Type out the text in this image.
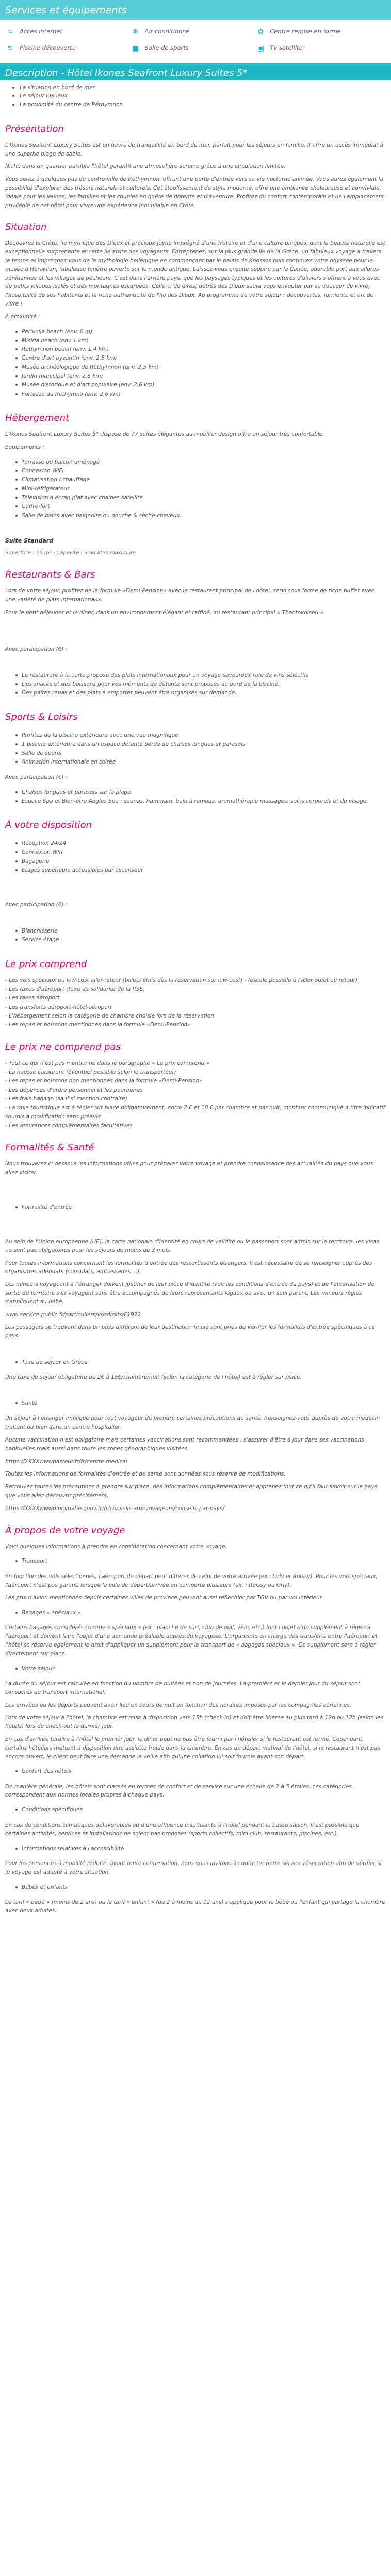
Services et équipements
≈	Accès internet	❄	Air conditionné	✿	Centre remise en forme
≋	Piscine découverte	■ Salle de sports	▣ Tv satellite
Description - Hôtel Ikones Seafront Luxury Suites 5*
La situation en bord de mer
Le séjour luxueux
La proximité du centre de Réthymnon
Présentation

L'Ikones Seafront Luxury Suites est un havre de tranquillité en bord de mer, parfait pour les séjours en famille. Il offre un accès immédiat à une superbe plage de sable.

Niché dans un quartier paisible l'hôtel garantit une atmosphère sereine grâce à une circulation limitée.

Vous serez à quelques pas du centre-ville de Réthymnon, offrant une porte d'entrée vers sa vie nocturne animée. Vous aurez également la possibilité d'explorer des trésors naturels et culturels. Cet établissement de style moderne, offre une ambiance chaleureuse et conviviale, idéale pour les jeunes, les familles et les couples en quête de détente et d'aventure. Profitez du confort contemporain et de l'emplacement privilégié de cet hôtel pour vivre une expérience inoubliable en Crète.

Situation

Découvrez la Crète, île mythique des Dieux et précieux joyau imprégné d'une histoire et d'une culture uniques, dont la beauté naturelle est exceptionnelle surprenante et cette île attire des voyageurs. Entreprenez, sur la plus grande île de la Grèce, un fabuleux voyage à travers le temps et imprégnez-vous de la mythologie hellénique en commençant par le palais de Knossos puis continuez votre odyssée pour le musée d'Héraklion, fabuleuse fenêtre ouverte sur le monde antique. Laissez-vous ensuite séduire par la Canée, adorable port aux allures vénitiennes et les villages de pêcheurs. C'est dans l'arrière pays, que les paysages typiques et les cultures d'oliviers s'offrent à vous avec de petits villages isolés et des montagnes escarpées. Celle-ci de dires, détrès des Dieux saura vous envouter par sa douceur de vivre, l'hospitalité de ses habitants et la riche authenticité de l'Ile des Dieux. Au programme de votre séjour : découvertes, farniente et art de vivre !

A proximité :

Perivolia beach (env. 0 m)
Misiria beach (env 1 km)
Rethymnon beach (env. 1,4 km)
Centre d'art byzantin (env. 2,5 km)
Musée archéologique de Réthymnon (env. 2,5 km)
Jardin municipal (env. 2,6 km)
Musée historique et d'art populaire (env. 2,6 km)
Fortezza du Rethymno (env. 2,6 km)
Hébergement

L'Ikones Seafront Luxury Suites 5* dispose de 77 suites élégantes au mobilier design offre un séjour très confortable.

Equipements :

Terrasse ou balcon aménagé
Connexion WIFI
Climatisation / chauffage
Mini-réfrigérateur
Télévision à écran plat avec chaînes satellite
Coffre-fort
Salle de bains avec baignoire ou douche & sèche-cheveux.
Suite Standard

Superficie : 26 m² - Capacité : 3 adultes maximum

Restaurants & Bars

Lors de votre séjour, profitez de la formule «Demi-Pension» avec le restaurant principal de l'hôtel, servi sous forme de riche buffet avec une variété de plats internationaux.

Pour le petit déjeuner et le dîner, dans un environnement élégant et raffiné, au restaurant principal « Theotokoiseu ».

Avec participation (€) :

Le restaurant à la carte propose des plats internationaux pour un voyage savoureux rafe de vins sélectifs
Des snacks et des boissons pour vos moments de détente sont proposés au bord de la piscine.
Des paires repas et des plats à emporter peuvent être organisés sur demande.
Sports & Loisirs
Profitez de la piscine extérieure avec une vue magnifique
1 piscine extérieure dans un espace détente bordé de chaises longues et parasols
Salle de sports
Animation internationale en soirée

Avec participation (€) :

Chaises longues et parasols sur la plage
Espace Spa et Bien-être Aegles Spa : saunas, hammam, bain à remous, aromathérapie massages, soins corporels et du visage.
À votre disposition
Réception 24/24
Connexion Wifi
Bagagerie
Étages supérieurs accessibles par ascenseur

Avec participation (€) :

Blanchisserie
Service étage
Le prix comprend
- Les vols spéciaux ou low-cost aller-retour (billets émis dès la réservation sur low-cost) - (escale possible à l'aller ou/et au retour)
- Les taxes d'aéroport (taxe de solidarité de la RSE)
- Les taxes aéroport
- Les transferts aéroport-hôtel-aéroport
- L'hébergement selon la catégorie de chambre choisie lors de la réservation
- Les repas et boissons mentionnés dans la formule «Demi-Pension»
Le prix ne comprend pas
- Tout ce qui n'est pas mentionné dans le paragraphe « Le prix comprend »
- La hausse carburant (éventuel possible selon le transporteur)
- Les repas et boissons non mentionnés dans la formule «Demi-Pension»
- Les dépenses d'ordre personnel et les pourboires
- Les frais bagage (sauf si mention contraire)
- La taxe touristique est à régler sur place obligatoirement, entre 2 € et 10 € par chambre et par nuit, montant communiqué à titre indicatif soumis à modification sans préavis
- Les assurances complémentaires facultatives
Formalités & Santé

Nous trouverez ci-dessous les informations utiles pour préparer votre voyage et prendre connaissance des actualités du pays que vous allez visiter.

Formalité d'entrée

Au sein de l'Union européenne (UE), la carte nationale d'identité en cours de validité ou le passeport sont admis sur le territoire, les visas ne sont pas obligatoires pour les séjours de moins de 3 mois.

Pour toutes informations concernant les formalités d'entrée des ressortissants étrangers, il est nécessaire de se renseigner auprès des organismes adéquats (consulats, ambassades ...).

Les mineurs voyageant à l'étranger doivent justifier de leur pièce d'identité (voir les conditions d'entrée du pays) et de l'autorisation de sortie du territoire s'ils voyagent sans être accompagnés de leurs représentants légaux ou avec un seul parent. Les mineurs règles s'appliquent au bébé.

www.service-public.fr/particuliers/vosdroits/F1922

Les passagers se trouvant dans un pays différent de leur destination finale sont priés de vérifier les formalités d'entrée spécifiques à ce pays.

Taxe de séjour en Grèce

Une taxe de séjour obligatoire de 2€ à 15€/chambre/nuit (selon la catégorie de l'hôtel) est à régler sur place.

Santé

Un séjour à l'étranger implique pour tout voyageur de prendre certaines précautions de santé. Renseignez-vous auprès de votre médecin traitant ou bien dans un centre hospitalier.

Aucune vaccination n'est obligatoire mais certaines vaccinations sont recommandées ; s'assurer d'être à jour dans ses vaccinations habituelles mais aussi dans toute les zones géographiques visitées.

https://XXXXwwwpasteur.fr/fr/centre-medical

Toutes les informations de formalités d'entrée et de santé sont données sous réserve de modifications.

Retrouvez toutes les précautions à prendre sur place, des informations complémentaires et apprenez tout ce qu'il faut savoir sur le pays que vous allez découvrir précisément.

https://XXXXwwwdiplomatie.gouv.fr/fr/conseils-aux-voyageurs/conseils-par-pays/

À propos de votre voyage

Voici quelques informations à prendre en considération concernant votre voyage.

Transport

En fonction des vols sélectionnés, l'aéroport de départ peut différer de celui de votre arrivée (ex : Orly et Roissy). Pour les vols spéciaux, l'aéroport n'est pas garanti lorsque la ville de départ/arrivée en comporte plusieurs (ex. : Roissy ou Orly).

Les prix d'avion mentionnés depuis certaines villes de province peuvent aussi réflechier par TGV ou par voi intérieur.

Bagages « spéciaux »

Certains bagages considérés comme « spéciaux » (ex : planche de surf, club de golf, vélo, etc.) font l'objet d'un supplément à régler à l'aéroport et doivent faire l'objet d'une demande préalable auprès du voyagiste. L'organisme en charge des transferts entre l'aéroport et l'hôtel se réserve également le droit d'appliquer un supplément pour le transport de « bagages spéciaux ». Ce supplément sera à régler directement sur place.

Votre séjour

La durée du séjour est calculée en fonction du nombre de nuitées et non de journées. La première et le dernier jour du séjour sont consacrés au transport international.

Les arrivées ou les départs peuvent avoir lieu en cours de nuit en fonction des horaires imposés par les compagnies aériennes.

Lors de votre séjour à l'hôtel, la chambre est mise à disposition vers 15h (check-in) et doit être libérée au plus tard à 12h ou 12h (selon les hôtels) lors du check-out le dernier jour.

En cas d'arrivée tardive à l'hôtel le premier jour, le dîner peut ne pas être fourni par l'hôtelier si le restaurant est fermé. Cependant, certains hôteliers mettent à disposition une assiette froide dans la chambre. En cas de départ matinal de l'hôtel, si le restaurant n'est pas encore ouvert, le client peut faire une demande la veille afin qu'une collation lui soit fournie avant son départ.

Confort des hôtels

De manière générale, les hôtels sont classés en termes de confort et de service sur une échelle de 2 à 5 étoiles, ces catégories correspondent aux normes locales propres à chaque pays.

Conditions spécifiques

En cas de conditions climatiques défavorables ou d'une affluence insuffisante à l'hôtel pendant la basse saison, il est possible que certaines activités, services et installations ne soient pas proposés (sports collectifs, mini club, restaurants, piscines, etc.).

Informations relatives à l'accessibilité

Pour les personnes à mobilité réduite, avant toute confirmation, nous vous invitons à contacter notre service réservation afin de vérifier si le voyage est adapté à votre situation.

Bébés et enfants

Le tarif « bébé » (moins de 2 ans) ou le tarif « enfant » (de 2 à moins de 12 ans) s'applique pour le bébé ou l'enfant qui partage la chambre avec deux adultes.
